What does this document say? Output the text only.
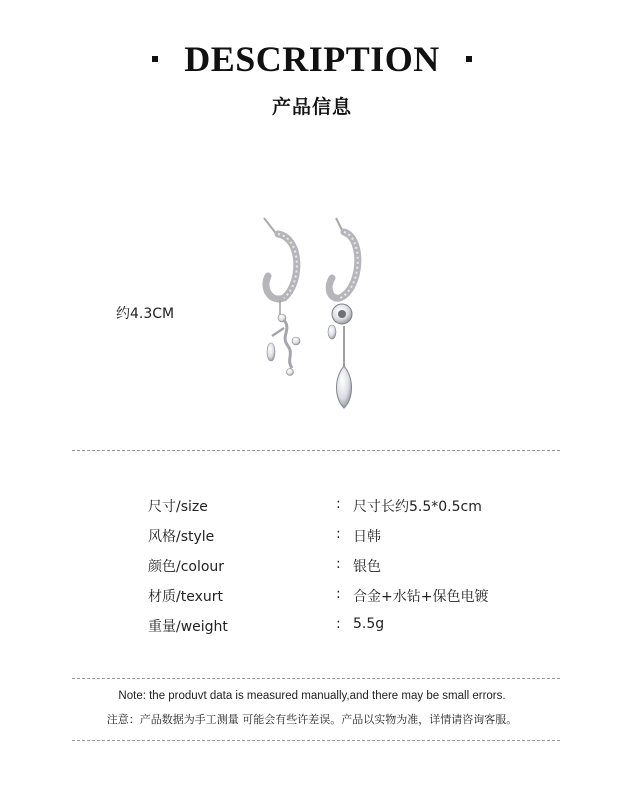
DESCRIPTION
产品信息
约4.3CM
尺寸/size	: 尺寸长约5.5*0.5cm
风格/style	: 日韩
颜色/colour	: 银色
材质/texurt	: 合金+水钻+保色电镀
重量/weight	: 5.5g
Note: the produvt data is measured manually,and there may be small errors.
注意：产品数据为手工测量 可能会有些许差误。产品以实物为准，详情请咨询客服。
